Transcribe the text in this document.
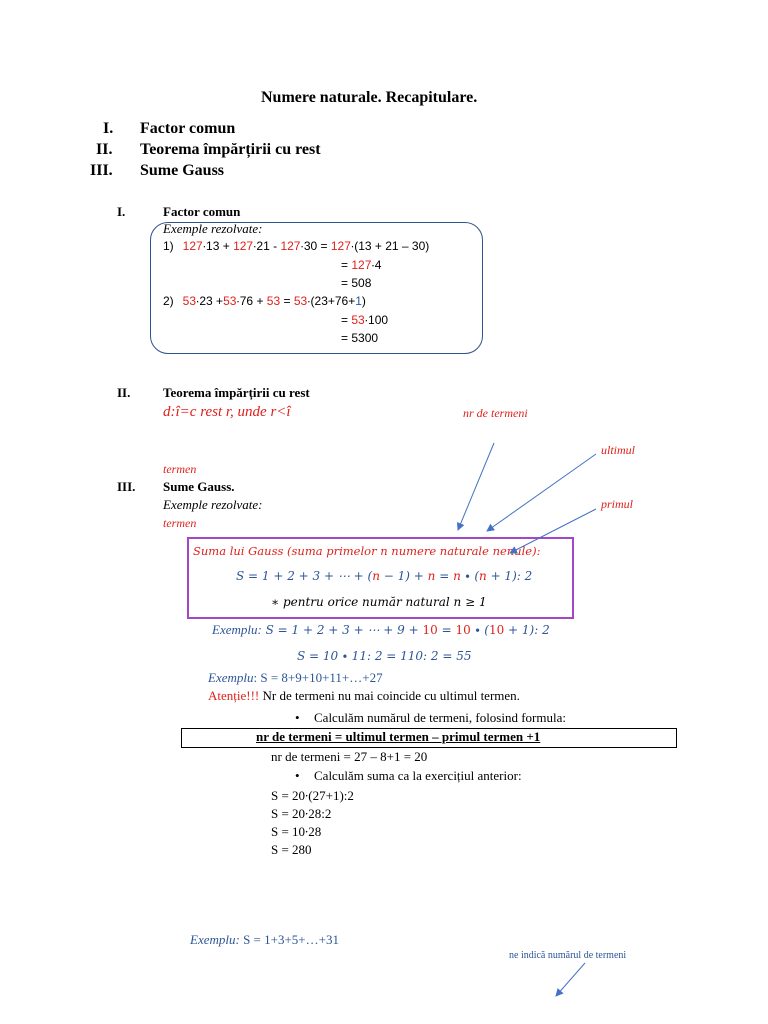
Numere naturale. Recapitulare.
I. Factor comun
II. Teorema împărțirii cu rest
III. Sume Gauss
I.	Factor comun
Exemple rezolvate:
1) 127∙13 + 127∙21 - 127∙30 = 127∙(13 + 21 – 30)
= 127∙4
= 508
2) 53∙23 +53∙76 + 53 = 53∙(23+76+1)
= 53∙100
= 5300
II.	Teorema împărțirii cu rest
d:î=c rest r, unde r<î	nr de termeni
ultimul
termen
primul
termen
III. Sume Gauss.
Exemple rezolvate:
Suma lui Gauss (suma primelor n numere naturale nenule):
S = 1 + 2 + 3 + ⋯ + (n − 1) + n = n ∙ (n + 1): 2
∗ pentru orice număr natural n ≥ 1
Exemplu: S = 1 + 2 + 3 + ⋯ + 9 + 10 = 10 ∙ (10 + 1): 2
S = 10 ∙ 11: 2 = 110: 2 = 55
Exemplu: S = 8+9+10+11+…+27
Atenție!!! Nr de termeni nu mai coincide cu ultimul termen.
• Calculăm numărul de termeni, folosind formula:
nr de termeni = ultimul termen – primul termen +1
nr de termeni = 27 – 8+1 = 20
• Calculăm suma ca la exercițiul anterior:
S = 20∙(27+1):2
S = 20∙28:2
S = 10∙28
S = 280
Exemplu: S = 1+3+5+…+31
ne indică numărul de termeni
